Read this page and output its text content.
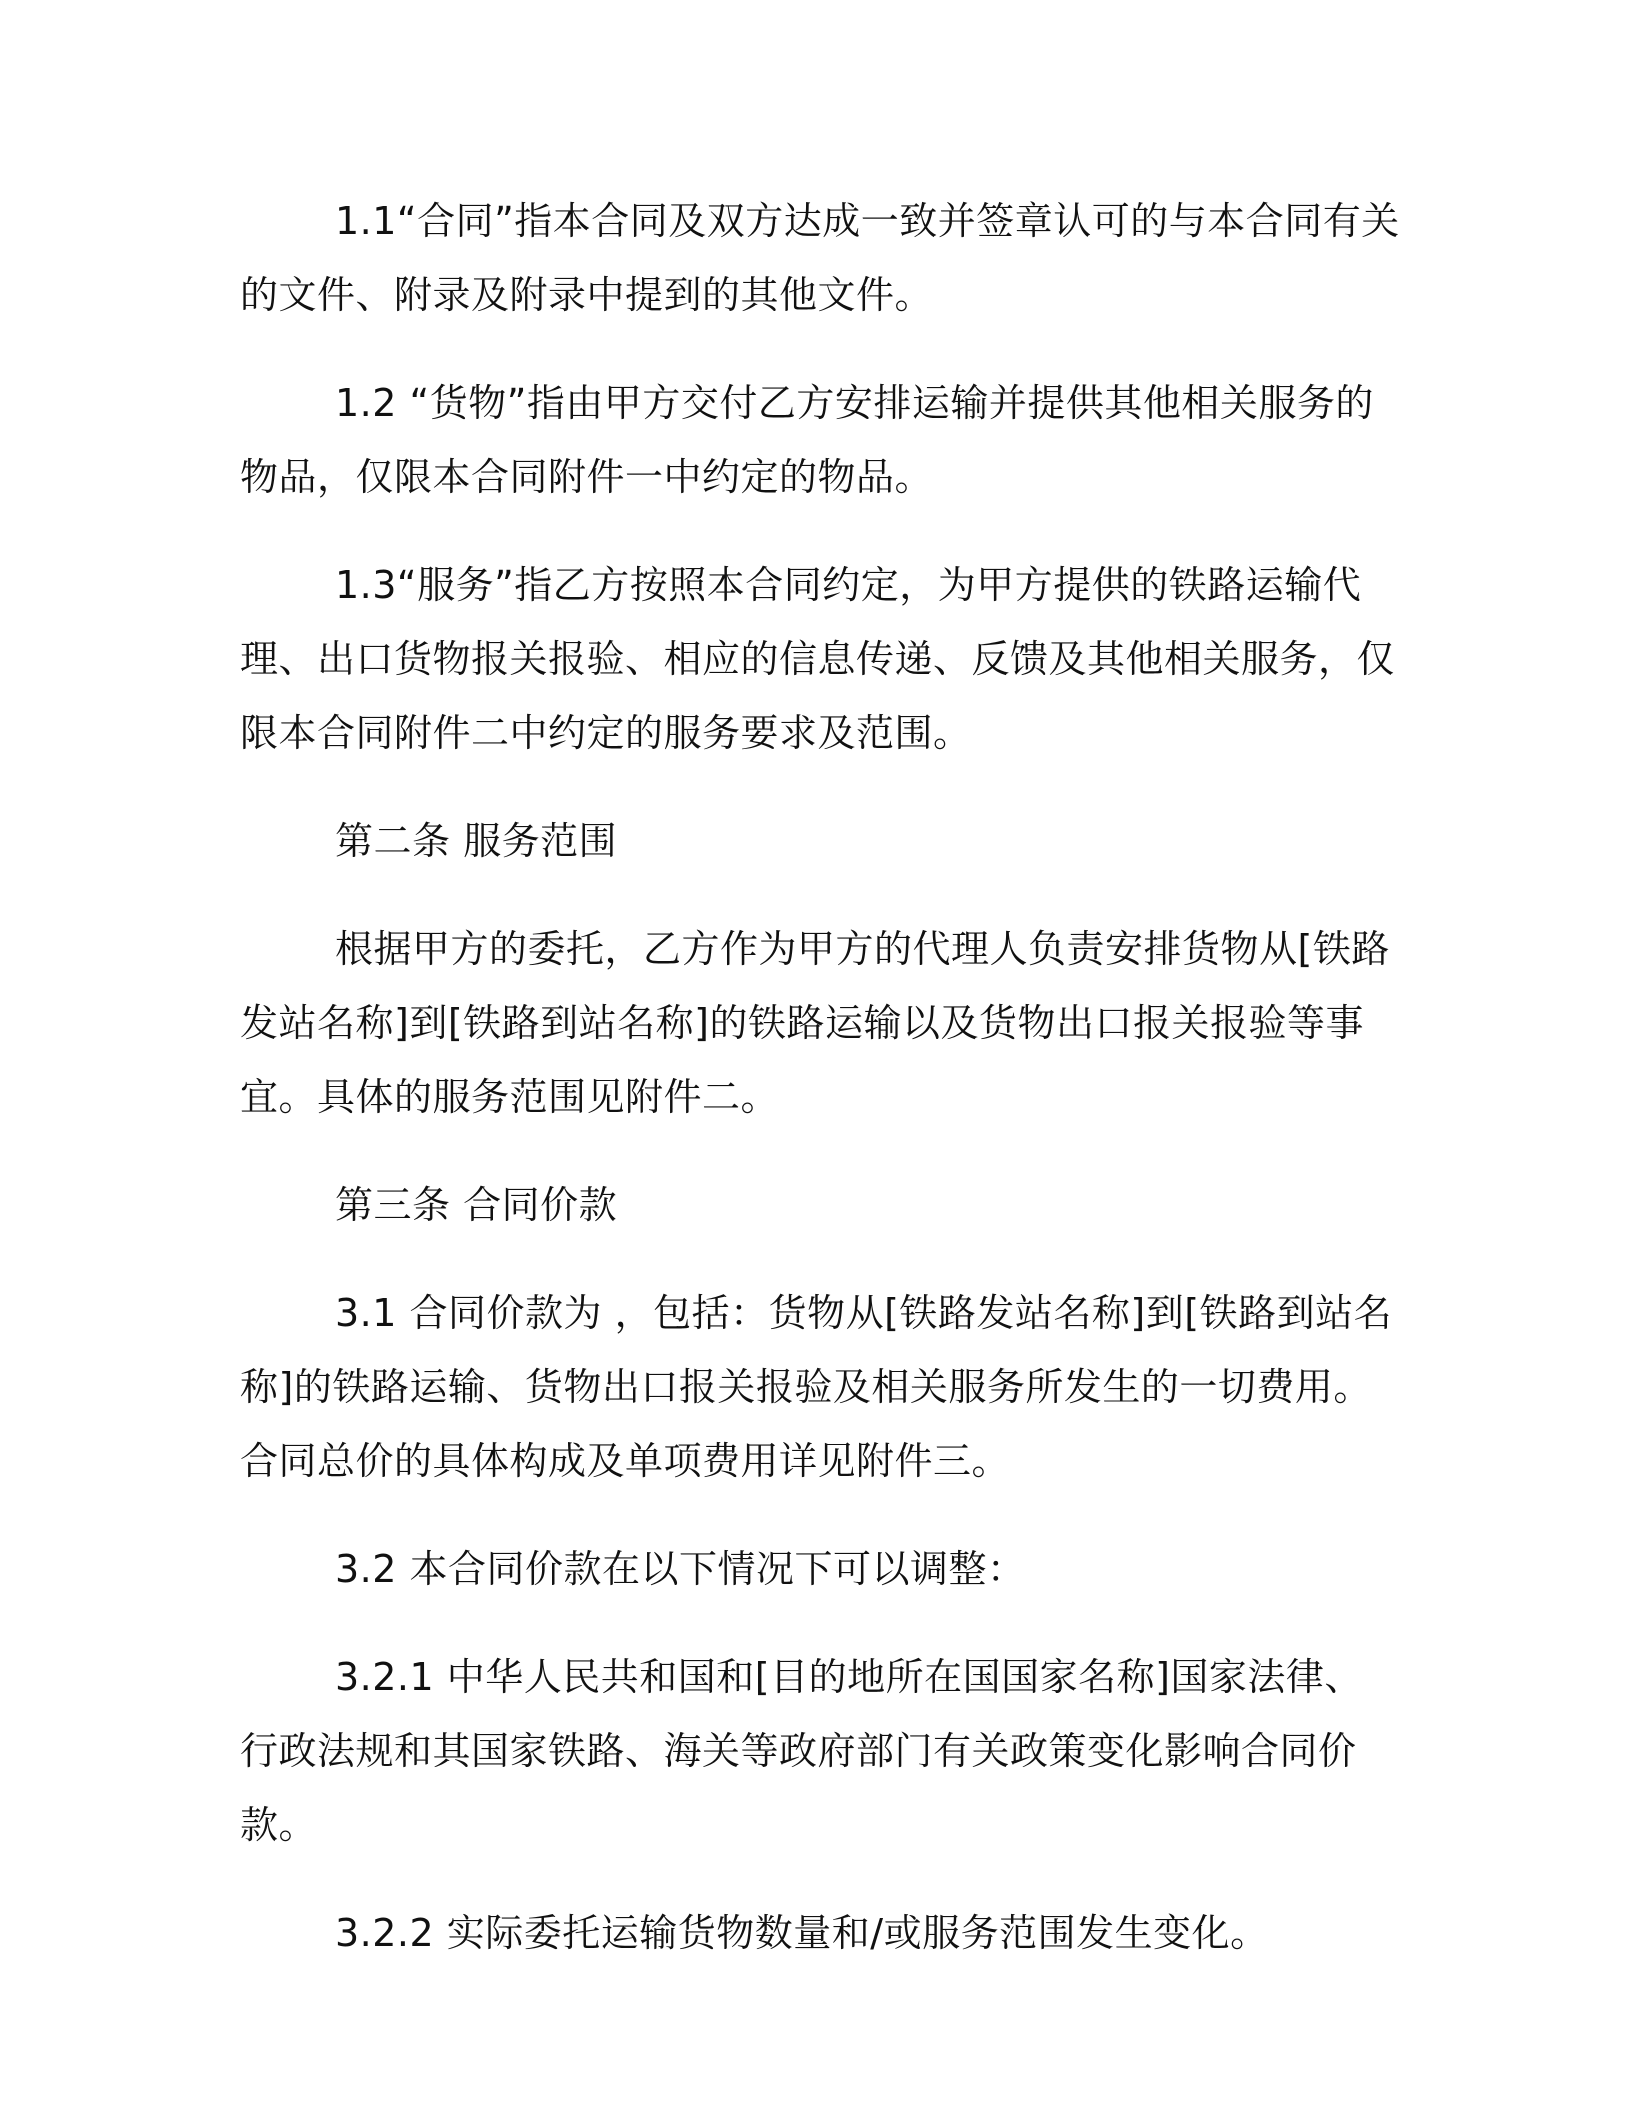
1.1“合同”指本合同及双方达成一致并签章认可的与本合同有关的文件、附录及附录中提到的其他文件。

1.2 “货物”指由甲方交付乙方安排运输并提供其他相关服务的物品，仅限本合同附件一中约定的物品。

1.3“服务”指乙方按照本合同约定，为甲方提供的铁路运输代理、出口货物报关报验、相应的信息传递、反馈及其他相关服务，仅限本合同附件二中约定的服务要求及范围。

第二条 服务范围

根据甲方的委托，乙方作为甲方的代理人负责安排货物从[铁路发站名称]到[铁路到站名称]的铁路运输以及货物出口报关报验等事宜。具体的服务范围见附件二。

第三条 合同价款

3.1 合同价款为 ，包括：货物从[铁路发站名称]到[铁路到站名称]的铁路运输、货物出口报关报验及相关服务所发生的一切费用。合同总价的具体构成及单项费用详见附件三。

3.2 本合同价款在以下情况下可以调整：

3.2.1 中华人民共和国和[目的地所在国国家名称]国家法律、行政法规和其国家铁路、海关等政府部门有关政策变化影响合同价款。

3.2.2 实际委托运输货物数量和/或服务范围发生变化。
